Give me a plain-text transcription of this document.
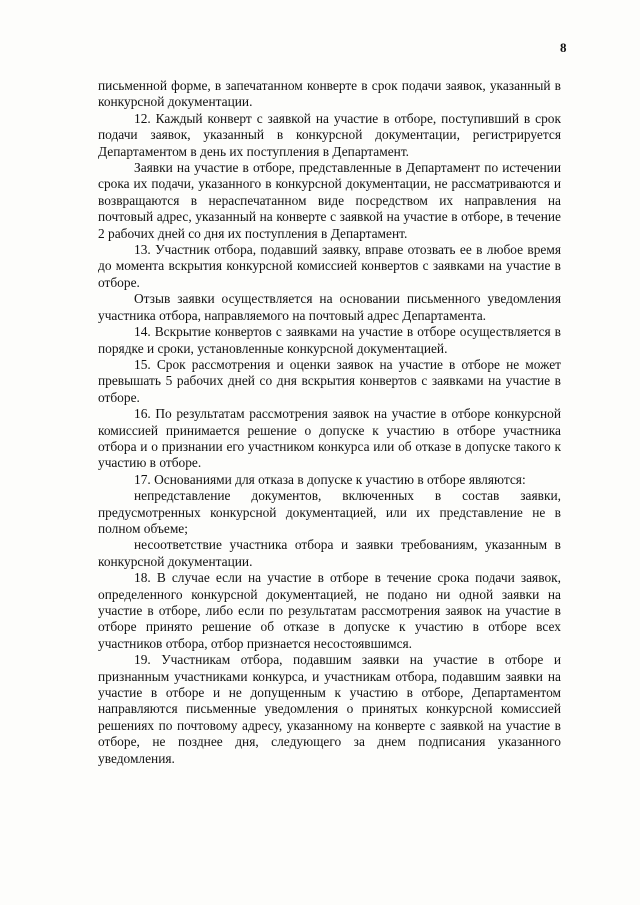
8

письменной форме, в запечатанном конверте в срок подачи заявок, указанный в конкурсной документации.

12. Каждый конверт с заявкой на участие в отборе, поступивший в срок подачи заявок, указанный в конкурсной документации, регистрируется Департаментом в день их поступления в Департамент.

Заявки на участие в отборе, представленные в Департамент по истечении срока их подачи, указанного в конкурсной документации, не рассматриваются и возвращаются в нераспечатанном виде посредством их направления на почтовый адрес, указанный на конверте с заявкой на участие в отборе, в течение 2 рабочих дней со дня их поступления в Департамент.

13. Участник отбора, подавший заявку, вправе отозвать ее в любое время до момента вскрытия конкурсной комиссией конвертов с заявками на участие в отборе.

Отзыв заявки осуществляется на основании письменного уведомления участника отбора, направляемого на почтовый адрес Департамента.

14. Вскрытие конвертов с заявками на участие в отборе осуществляется в порядке и сроки, установленные конкурсной документацией.

15. Срок рассмотрения и оценки заявок на участие в отборе не может превышать 5 рабочих дней со дня вскрытия конвертов с заявками на участие в отборе.

16. По результатам рассмотрения заявок на участие в отборе конкурсной комиссией принимается решение о допуске к участию в отборе участника отбора и о признании его участником конкурса или об отказе в допуске такого к участию в отборе.

17. Основаниями для отказа в допуске к участию в отборе являются:

непредставление документов, включенных в состав заявки, предусмотренных конкурсной документацией, или их представление не в полном объеме;

несоответствие участника отбора и заявки требованиям, указанным в конкурсной документации.

18. В случае если на участие в отборе в течение срока подачи заявок, определенного конкурсной документацией, не подано ни одной заявки на участие в отборе, либо если по результатам рассмотрения заявок на участие в отборе принято решение об отказе в допуске к участию в отборе всех участников отбора, отбор признается несостоявшимся.

19. Участникам отбора, подавшим заявки на участие в отборе и признанным участниками конкурса, и участникам отбора, подавшим заявки на участие в отборе и не допущенным к участию в отборе, Департаментом направляются письменные уведомления о принятых конкурсной комиссией решениях по почтовому адресу, указанному на конверте с заявкой на участие в отборе, не позднее дня, следующего за днем подписания указанного уведомления.
